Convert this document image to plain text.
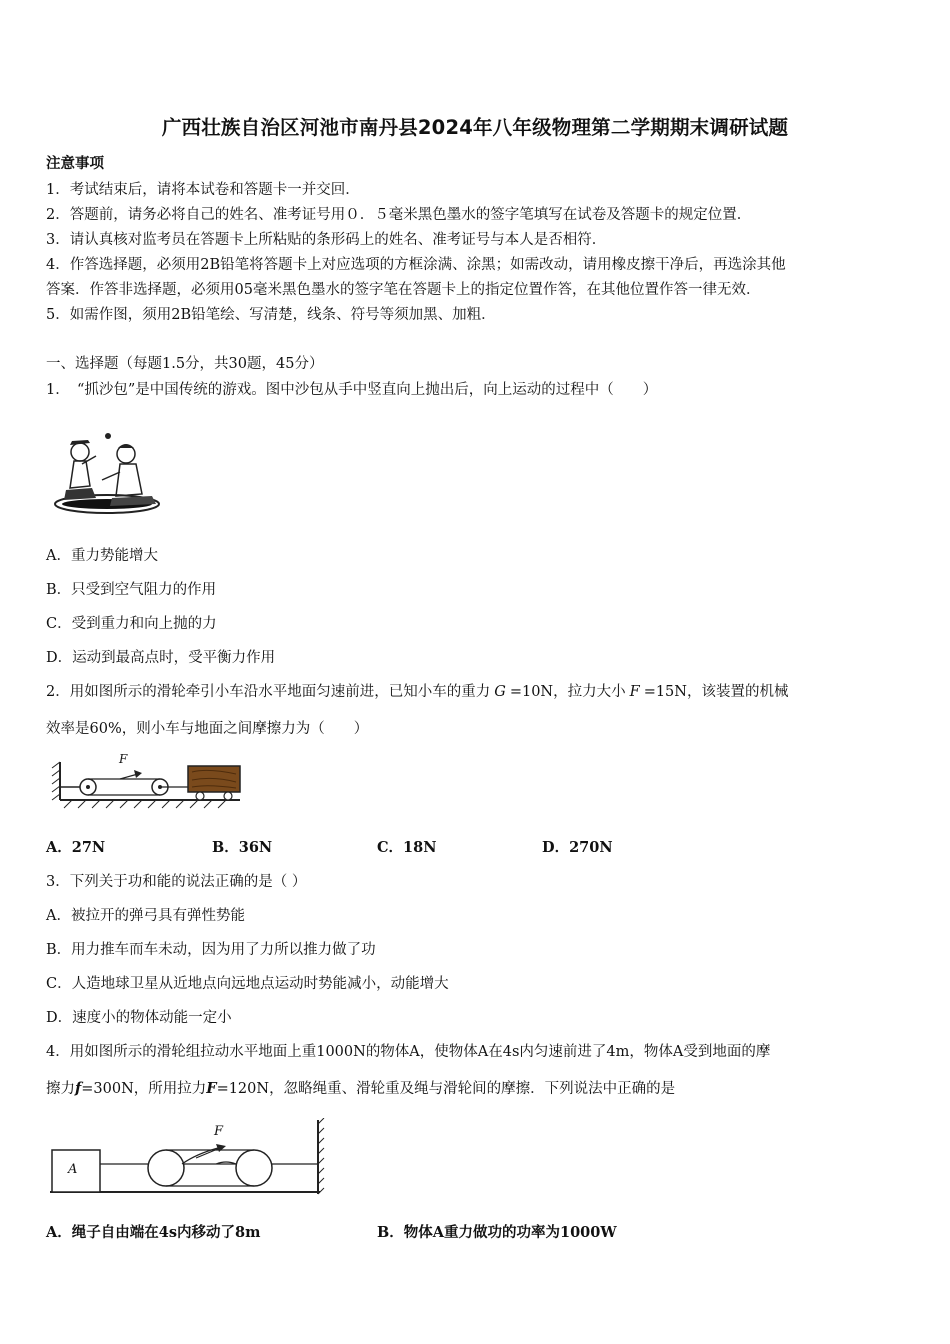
广西壮族自治区河池市南丹县2024年八年级物理第二学期期末调研试题
注意事项
1．考试结束后，请将本试卷和答题卡一并交回．
2．答题前，请务必将自己的姓名、准考证号用０．５毫米黑色墨水的签字笔填写在试卷及答题卡的规定位置．
3．请认真核对监考员在答题卡上所粘贴的条形码上的姓名、准考证号与本人是否相符．
4．作答选择题，必须用2B铅笔将答题卡上对应选项的方框涂满、涂黑；如需改动，请用橡皮擦干净后，再选涂其他
答案．作答非选择题，必须用05毫米黑色墨水的签字笔在答题卡上的指定位置作答，在其他位置作答一律无效．
5．如需作图，须用2B铅笔绘、写清楚，线条、符号等须加黑、加粗．
一、选择题（每题1.5分，共30题，45分）
1．　“抓沙包”是中国传统的游戏。图中沙包从手中竖直向上抛出后，向上运动的过程中（　　）
A．重力势能增大
B．只受到空气阻力的作用
C．受到重力和向上抛的力
D．运动到最高点时，受平衡力作用
2．用如图所示的滑轮牵引小车沿水平地面匀速前进，已知小车的重力 G =10N，拉力大小 F =15N，该装置的机械
效率是60%，则小车与地面之间摩擦力为（　　）
F
A．27N	B．36N	C．18N	D．270N
3．下列关于功和能的说法正确的是（ ）
A．被拉开的弹弓具有弹性势能
B．用力推车而车未动，因为用了力所以推力做了功
C．人造地球卫星从近地点向远地点运动时势能减小，动能增大
D．速度小的物体动能一定小
4．用如图所示的滑轮组拉动水平地面上重1000N的物体A，使物体A在4s内匀速前进了4m，物体A受到地面的摩
擦力f=300N，所用拉力F=120N，忽略绳重、滑轮重及绳与滑轮间的摩擦．下列说法中正确的是
A
F
A．绳子自由端在4s内移动了8m	B．物体A重力做功的功率为1000W
